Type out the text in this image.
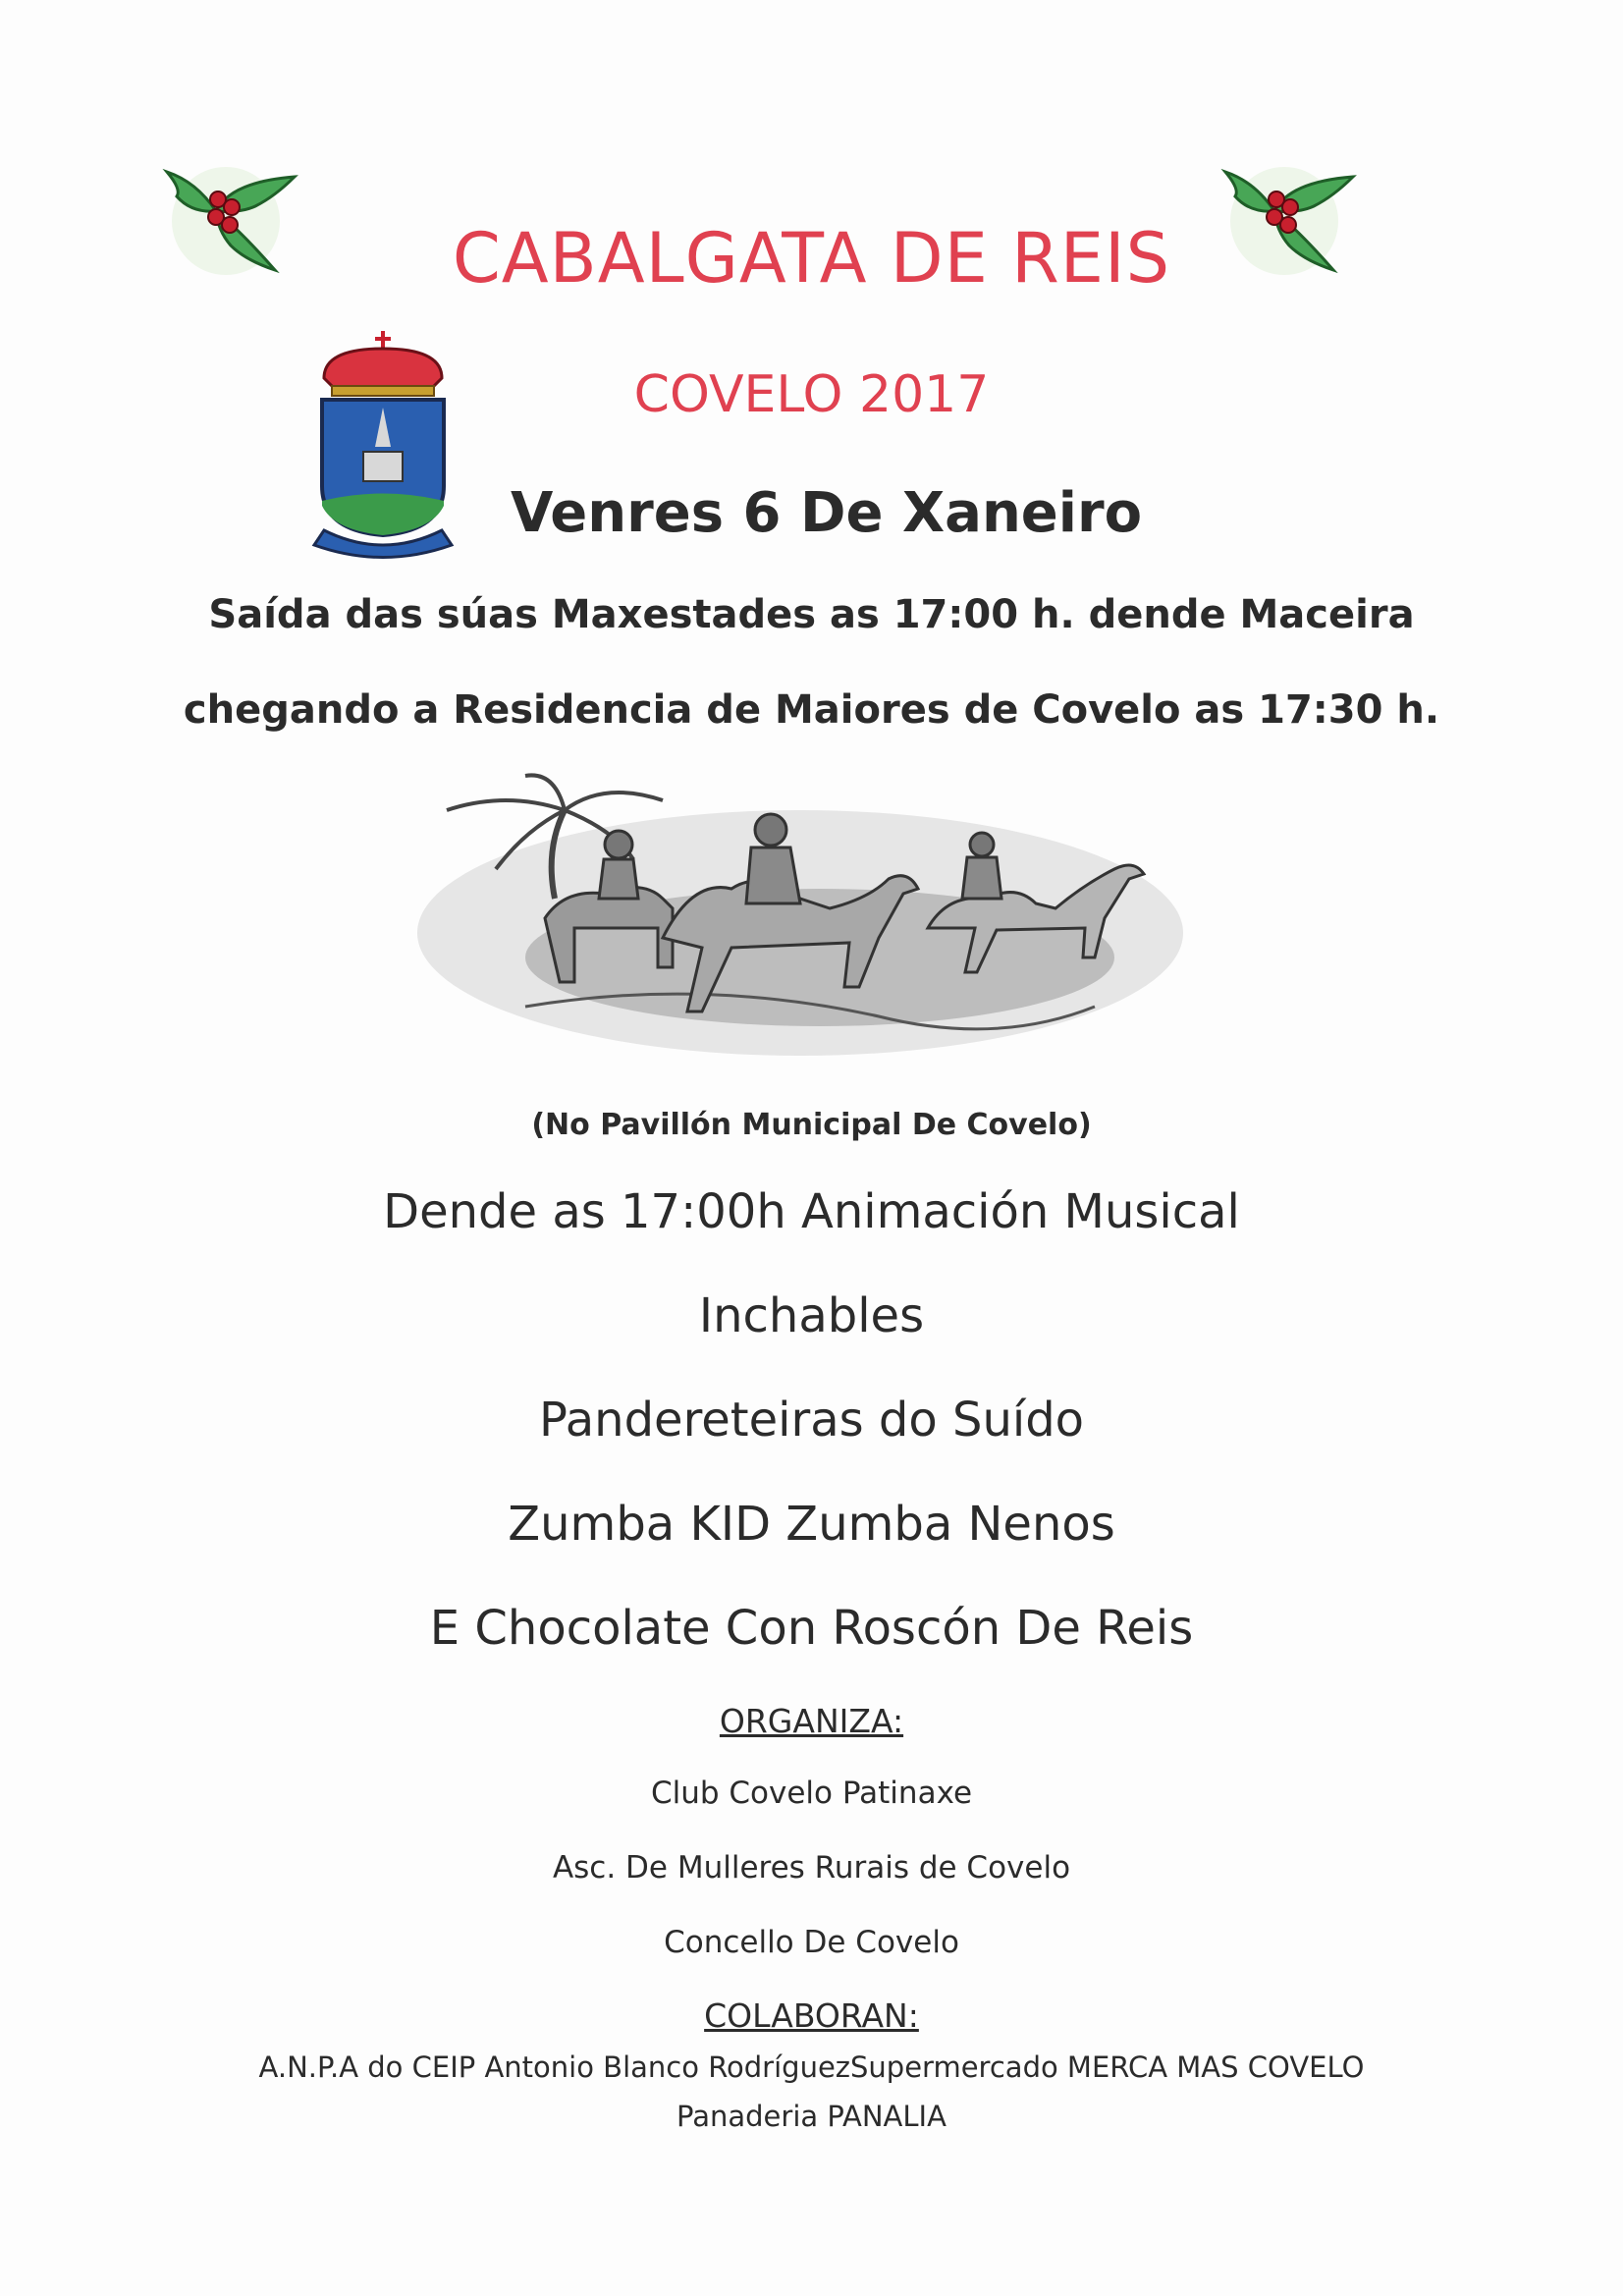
CABALGATA DE REIS
COVELO 2017
Venres 6 De Xaneiro
Saída das súas Maxestades as 17:00 h. dende Maceira
chegando a Residencia de Maiores de Covelo as 17:30 h.
(No Pavillón Municipal De Covelo)
Dende as 17:00h Animación Musical
Inchables
Pandereteiras do Suído
Zumba KID Zumba Nenos
E Chocolate Con Roscón De Reis
ORGANIZA:
Club Covelo Patinaxe
Asc. De Mulleres Rurais de Covelo
Concello De Covelo
COLABORAN:
A.N.P.A do CEIP Antonio Blanco RodríguezSupermercado MERCA MAS COVELO
Panaderia PANALIA
